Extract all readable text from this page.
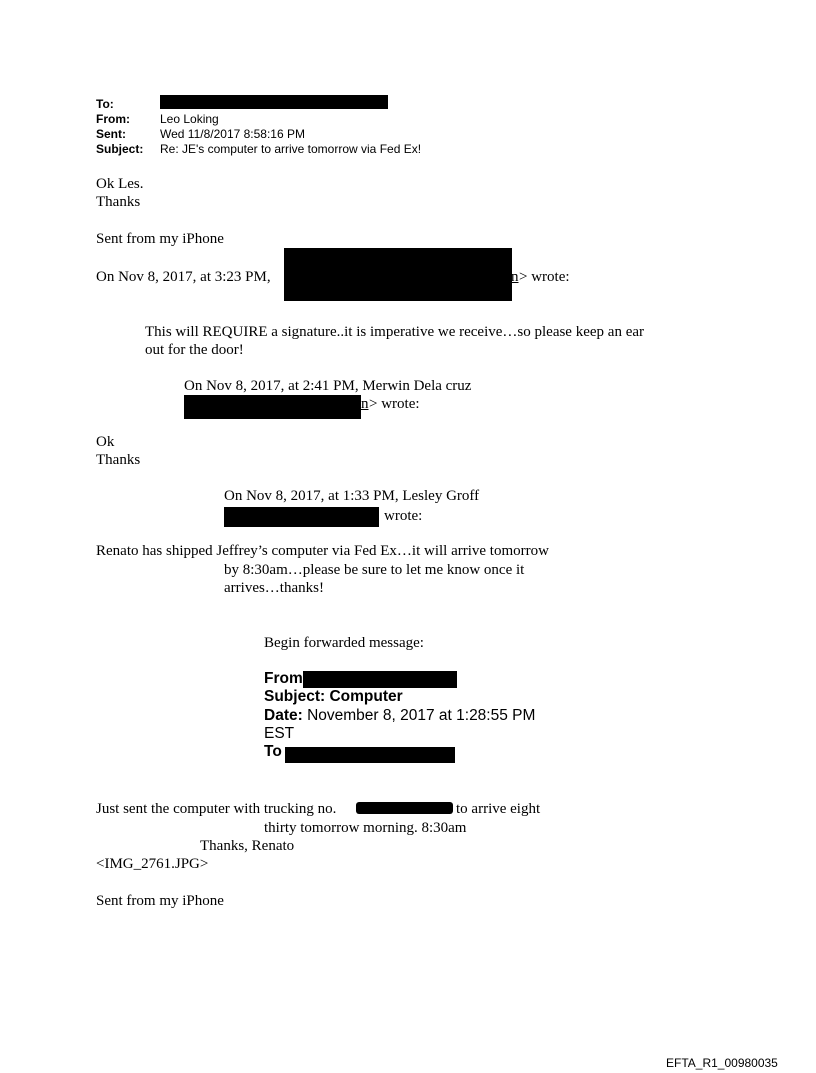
To:
From:	Leo Loking
Sent:	Wed 11/8/2017 8:58:16 PM
Subject: Re: JE's computer to arrive tomorrow via Fed Ex!
Ok Les.
Thanks
Sent from my iPhone
On Nov 8, 2017, at 3:23 PM,	n > wrote:
This will REQUIRE a signature..it is imperative we receive…so please keep an ear
out for the door!
On Nov 8, 2017, at 2:41 PM, Merwin Dela cruz
n > wrote:
Ok
Thanks
On Nov 8, 2017, at 1:33 PM, Lesley Groff
wrote:
Renato has shipped Jeffrey’s computer via Fed Ex…it will arrive tomorrow
by 8:30am…please be sure to let me know once it
arrives…thanks!
Begin forwarded message:
From
Subject: Computer
Date: November 8, 2017 at 1:28:55 PM
EST
To
Just sent the computer with trucking no.	to arrive eight
thirty tomorrow morning. 8:30am
Thanks, Renato
<IMG_2761.JPG>
Sent from my iPhone
EFTA_R1_00980035
